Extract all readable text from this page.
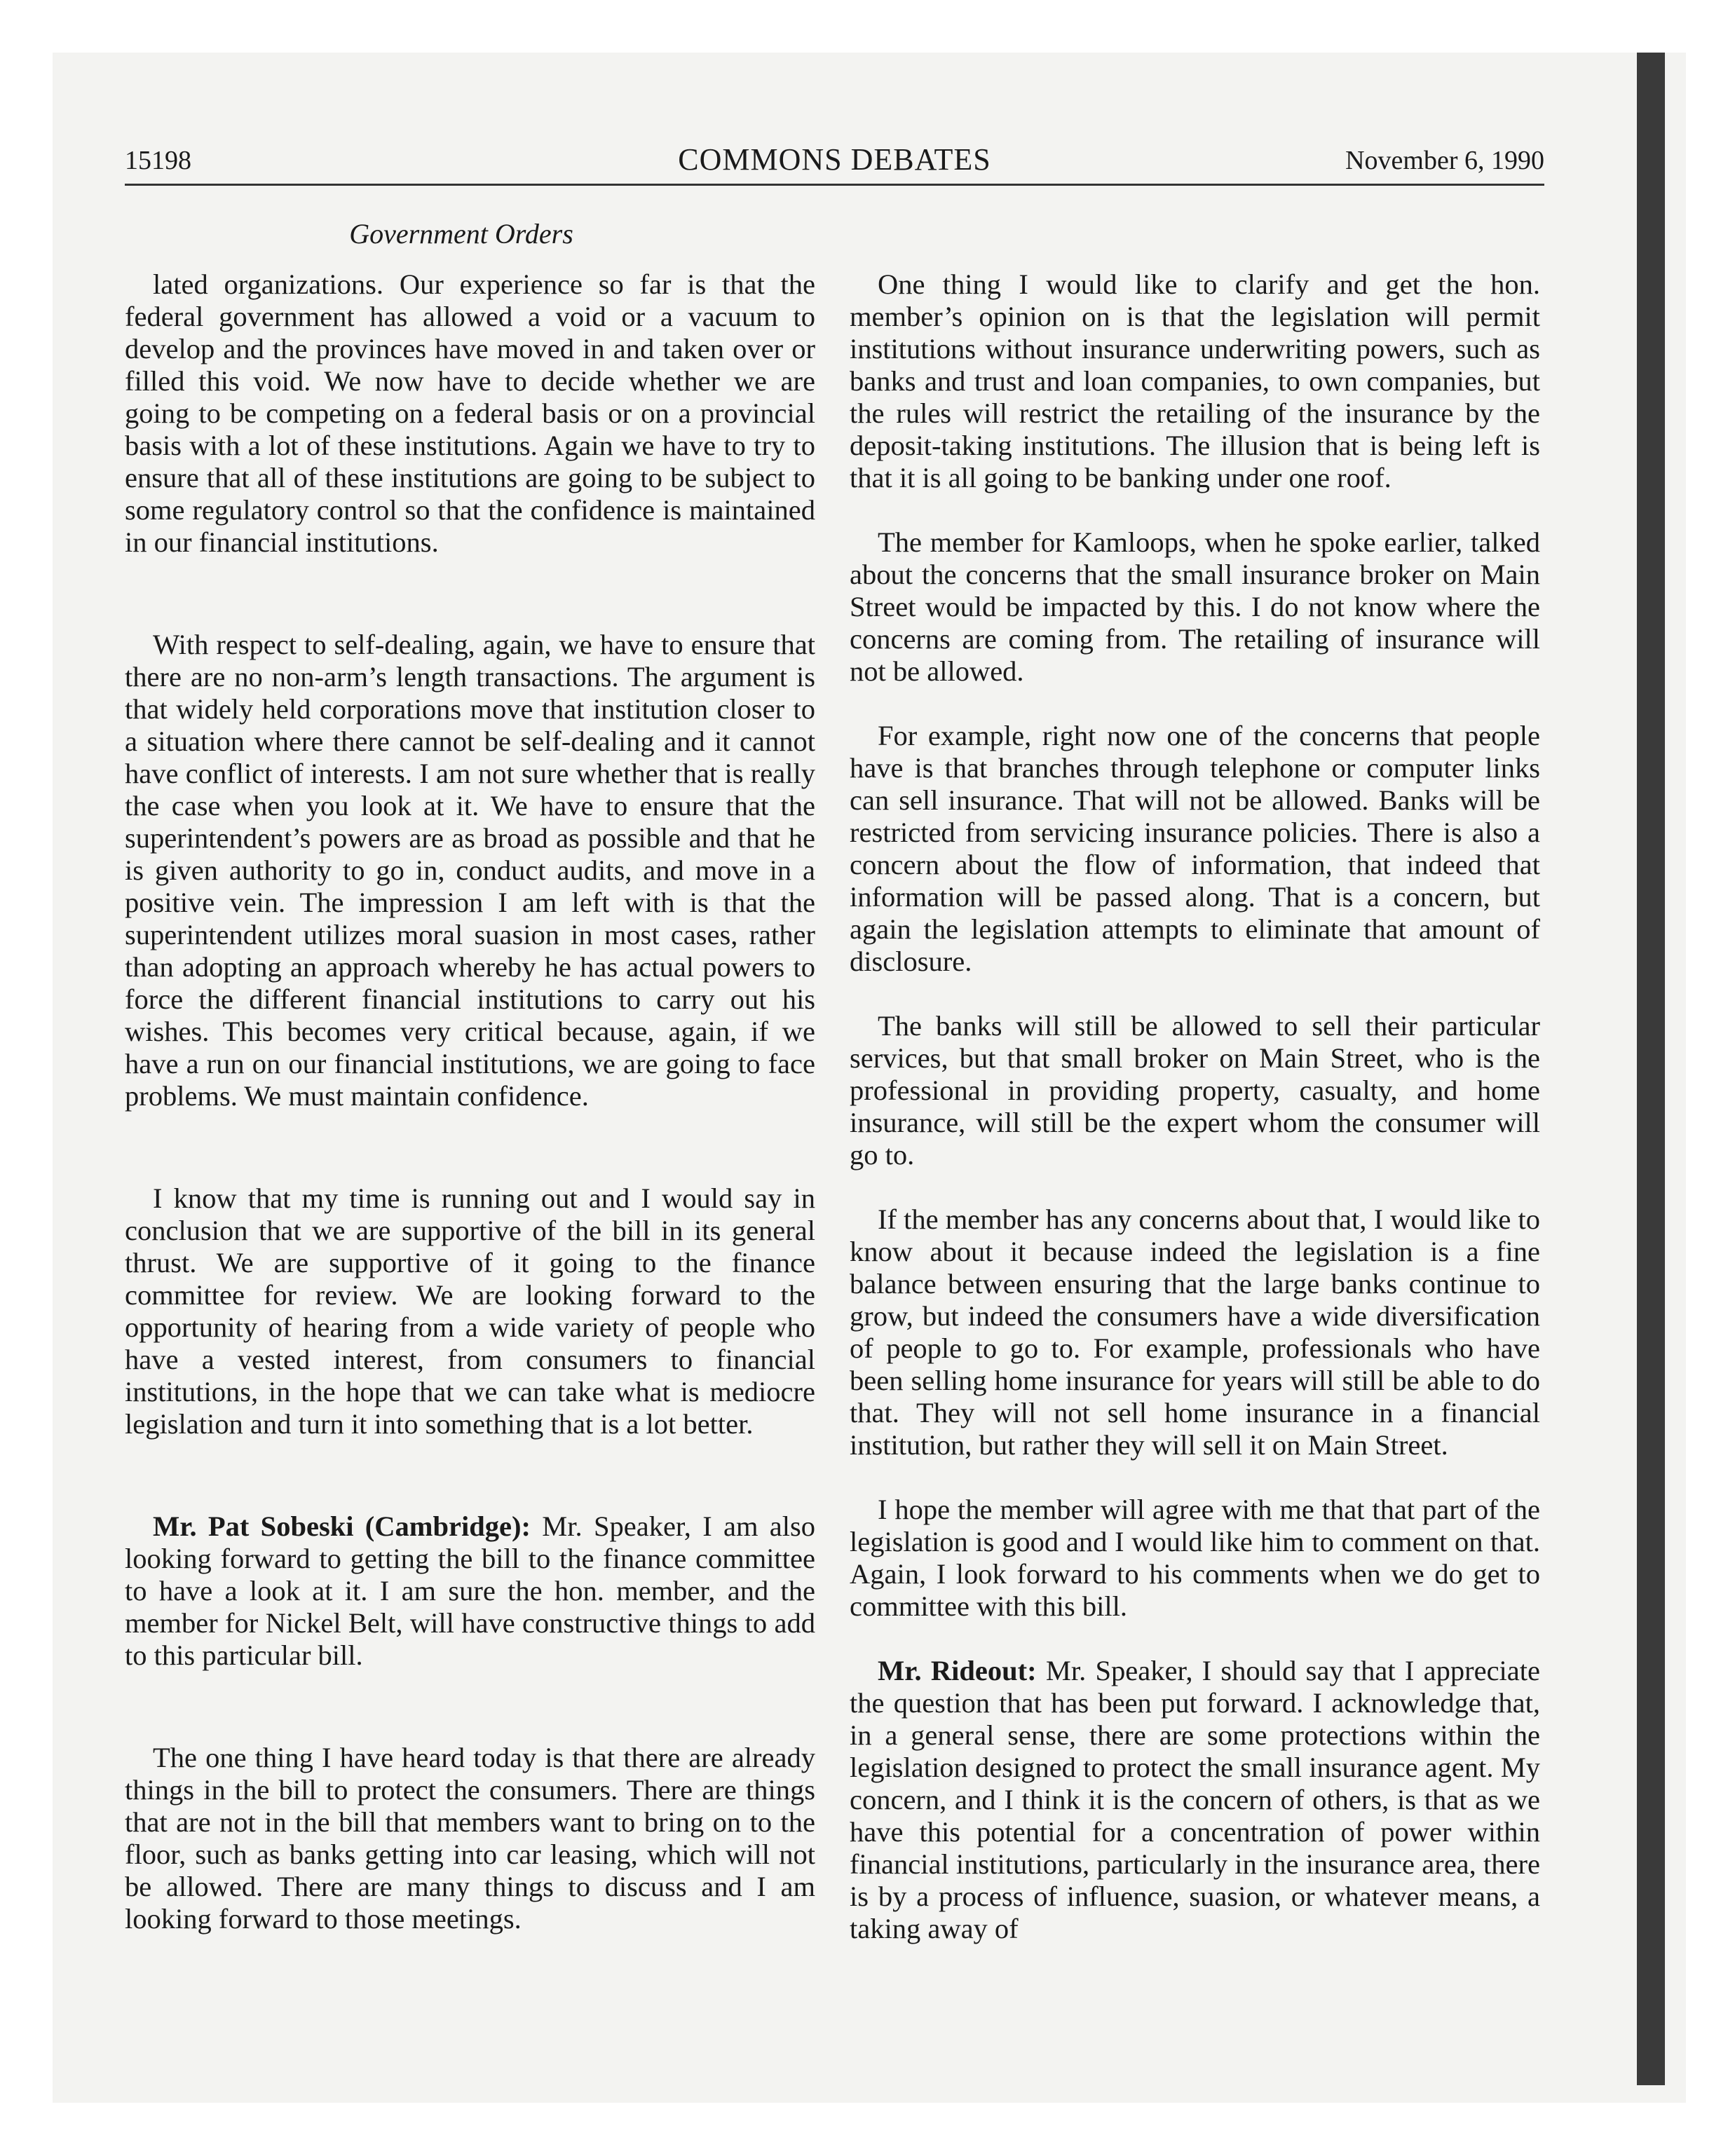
15198	COMMONS DEBATES	November 6, 1990
Government Orders

lated organizations. Our experience so far is that the federal government has allowed a void or a vacuum to develop and the provinces have moved in and taken over or filled this void. We now have to decide whether we are going to be competing on a federal basis or on a provincial basis with a lot of these institutions. Again we have to try to ensure that all of these institutions are going to be subject to some regulatory control so that the confidence is maintained in our financial institutions.

With respect to self-dealing, again, we have to ensure that there are no non-arm’s length transactions. The argument is that widely held corporations move that institution closer to a situation where there cannot be self-dealing and it cannot have conflict of interests. I am not sure whether that is really the case when you look at it. We have to ensure that the superintendent’s powers are as broad as possible and that he is given authority to go in, conduct audits, and move in a positive vein. The impression I am left with is that the superintendent utilizes moral suasion in most cases, rather than adopting an approach whereby he has actual powers to force the different financial institutions to carry out his wishes. This becomes very critical because, again, if we have a run on our financial institutions, we are going to face problems. We must maintain confidence.

I know that my time is running out and I would say in conclusion that we are supportive of the bill in its general thrust. We are supportive of it going to the finance committee for review. We are looking forward to the opportunity of hearing from a wide variety of people who have a vested interest, from consumers to financial institutions, in the hope that we can take what is mediocre legislation and turn it into something that is a lot better.

Mr. Pat Sobeski (Cambridge): Mr. Speaker, I am also looking forward to getting the bill to the finance committee to have a look at it. I am sure the hon. member, and the member for Nickel Belt, will have constructive things to add to this particular bill.

The one thing I have heard today is that there are already things in the bill to protect the consumers. There are things that are not in the bill that members want to bring on to the floor, such as banks getting into car leasing, which will not be allowed. There are many things to discuss and I am looking forward to those meetings.

One thing I would like to clarify and get the hon. member’s opinion on is that the legislation will permit institutions without insurance underwriting powers, such as banks and trust and loan companies, to own companies, but the rules will restrict the retailing of the insurance by the deposit-taking institutions. The illusion that is being left is that it is all going to be banking under one roof.

The member for Kamloops, when he spoke earlier, talked about the concerns that the small insurance broker on Main Street would be impacted by this. I do not know where the concerns are coming from. The retailing of insurance will not be allowed.

For example, right now one of the concerns that people have is that branches through telephone or computer links can sell insurance. That will not be allowed. Banks will be restricted from servicing insurance policies. There is also a concern about the flow of information, that indeed that information will be passed along. That is a concern, but again the legislation attempts to eliminate that amount of disclosure.

The banks will still be allowed to sell their particular services, but that small broker on Main Street, who is the professional in providing property, casualty, and home insurance, will still be the expert whom the consumer will go to.

If the member has any concerns about that, I would like to know about it because indeed the legislation is a fine balance between ensuring that the large banks continue to grow, but indeed the consumers have a wide diversification of people to go to. For example, professionals who have been selling home insurance for years will still be able to do that. They will not sell home insurance in a financial institution, but rather they will sell it on Main Street.

I hope the member will agree with me that that part of the legislation is good and I would like him to comment on that. Again, I look forward to his comments when we do get to committee with this bill.

Mr. Rideout: Mr. Speaker, I should say that I appreciate the question that has been put forward. I acknowledge that, in a general sense, there are some protections within the legislation designed to protect the small insurance agent. My concern, and I think it is the concern of others, is that as we have this potential for a concentration of power within financial institutions, particularly in the insurance area, there is by a process of influence, suasion, or whatever means, a taking away of
